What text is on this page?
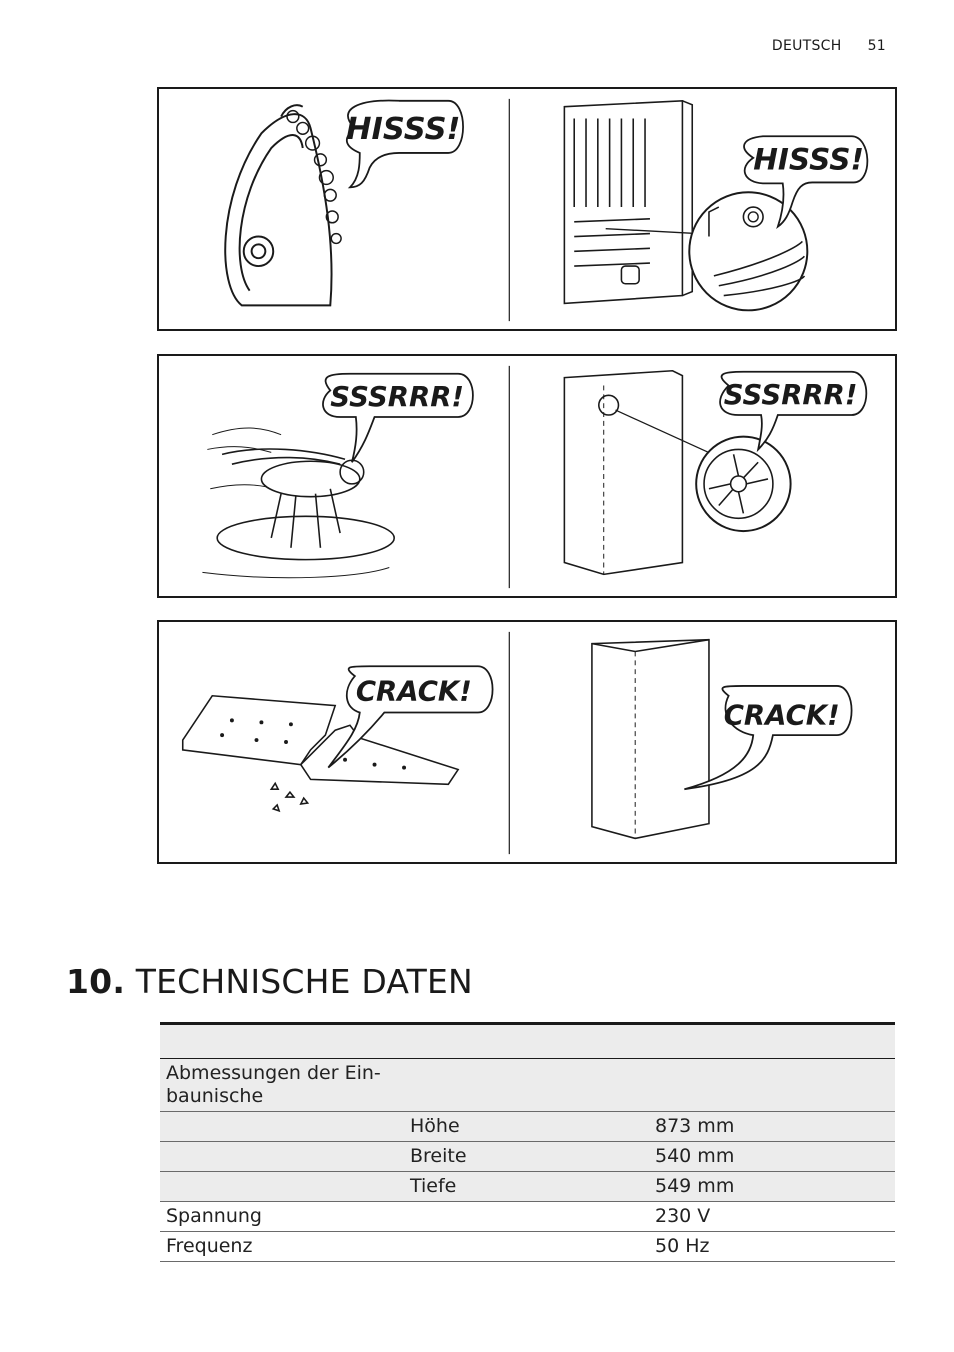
DEUTSCH 51
HISSS!
HISSS!
SSSRRR!	SSSRRR!
CRACK!
CRACK!
10. TECHNISCHE DATEN

Abmessungen der Ein-
baunische		
	Höhe	873 mm
	Breite	540 mm
	Tiefe	549 mm
Spannung		230 V
Frequenz		50 Hz
